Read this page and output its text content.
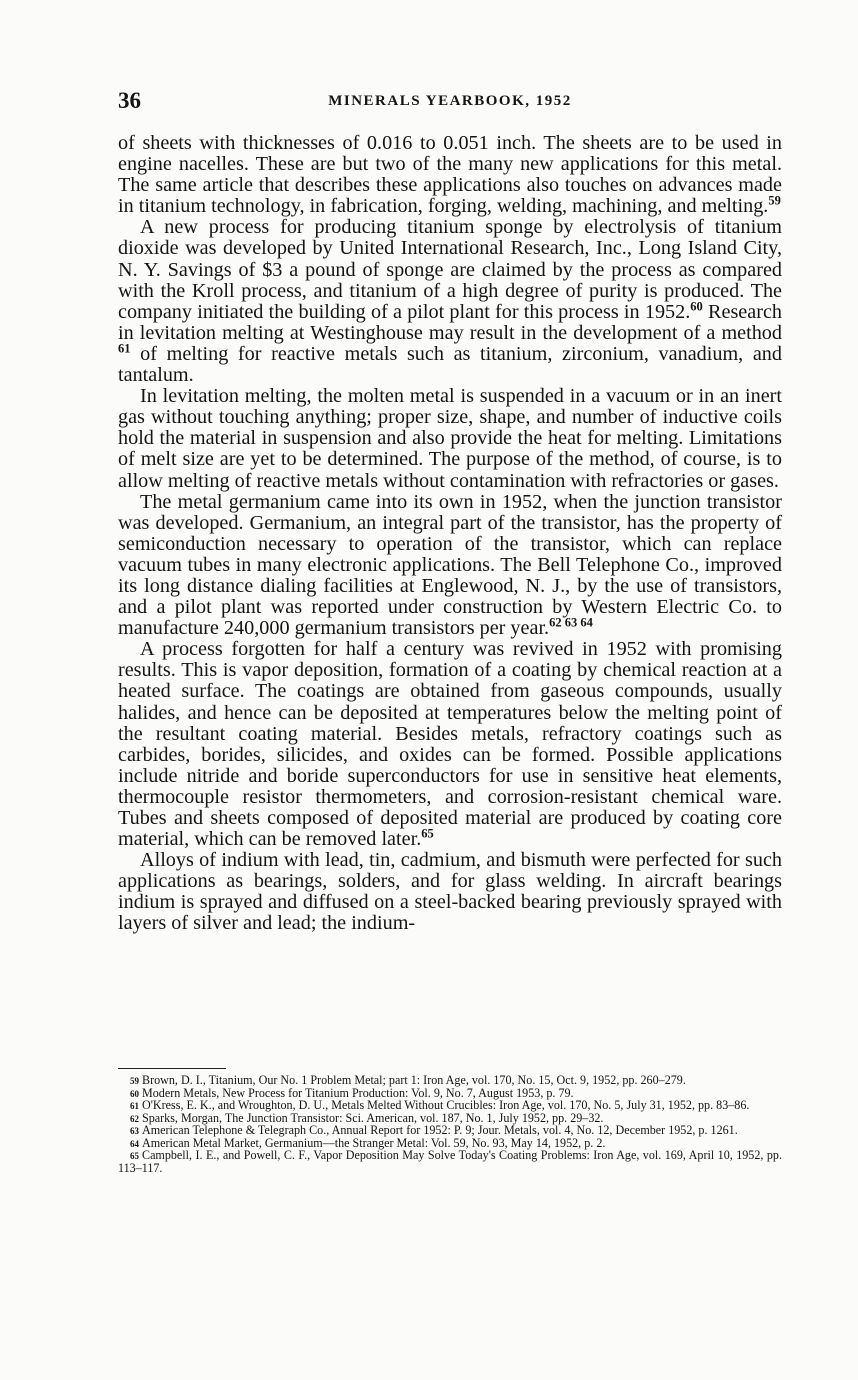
36	MINERALS YEARBOOK, 1952

of sheets with thicknesses of 0.016 to 0.051 inch. The sheets are to be used in engine nacelles. These are but two of the many new applications for this metal. The same article that describes these applications also touches on advances made in titanium technology, in fabrication, forging, welding, machining, and melting.$^{59}$

A new process for producing titanium sponge by electrolysis of titanium dioxide was developed by United International Research, Inc., Long Island City, N. Y. Savings of $3 a pound of sponge are claimed by the process as compared with the Kroll process, and titanium of a high degree of purity is produced. The company initiated the building of a pilot plant for this process in 1952.60 Research in levitation melting at Westinghouse may result in the development of a method $^{61}$ of melting for reactive metals such as titanium, zirconium, vanadium, and tantalum.

In levitation melting, the molten metal is suspended in a vacuum or in an inert gas without touching anything; proper size, shape, and number of inductive coils hold the material in suspension and also provide the heat for melting. Limitations of melt size are yet to be determined. The purpose of the method, of course, is to allow melting of reactive metals without contamination with refractories or gases.

The metal germanium came into its own in 1952, when the junction transistor was developed. Germanium, an integral part of the transistor, has the property of semiconduction necessary to operation of the transistor, which can replace vacuum tubes in many electronic applications. The Bell Telephone Co., improved its long distance dialing facilities at Englewood, N. J., by the use of transistors, and a pilot plant was reported under construction by Western Electric Co. to manufacture 240,000 germanium transistors per year.$^{62 63 64}$

A process forgotten for half a century was revived in 1952 with promising results. This is vapor deposition, formation of a coating by chemical reaction at a heated surface. The coatings are obtained from gaseous compounds, usually halides, and hence can be deposited at temperatures below the melting point of the resultant coating material. Besides metals, refractory coatings such as carbides, borides, silicides, and oxides can be formed. Possible applications include nitride and boride superconductors for use in sensitive heat elements, thermocouple resistor thermometers, and corrosion-resistant chemical ware. Tubes and sheets composed of deposited material are produced by coating core material, which can be removed later.$^{65}$

Alloys of indium with lead, tin, cadmium, and bismuth were perfected for such applications as bearings, solders, and for glass welding. In aircraft bearings indium is sprayed and diffused on a steel-backed bearing previously sprayed with layers of silver and lead; the indium-

59 Brown, D. I., Titanium, Our No. 1 Problem Metal; part 1: Iron Age, vol. 170, No. 15, Oct. 9, 1952, pp. 260–279.

60 Modern Metals, New Process for Titanium Production: Vol. 9, No. 7, August 1953, p. 79.

61 O'Kress, E. K., and Wroughton, D. U., Metals Melted Without Crucibles: Iron Age, vol. 170, No. 5, July 31, 1952, pp. 83–86.

62 Sparks, Morgan, The Junction Transistor: Sci. American, vol. 187, No. 1, July 1952, pp. 29–32.

63 American Telephone & Telegraph Co., Annual Report for 1952: P. 9; Jour. Metals, vol. 4, No. 12, December 1952, p. 1261.

64 American Metal Market, Germanium—the Stranger Metal: Vol. 59, No. 93, May 14, 1952, p. 2.

65 Campbell, I. E., and Powell, C. F., Vapor Deposition May Solve Today's Coating Problems: Iron Age, vol. 169, April 10, 1952, pp. 113–117.
